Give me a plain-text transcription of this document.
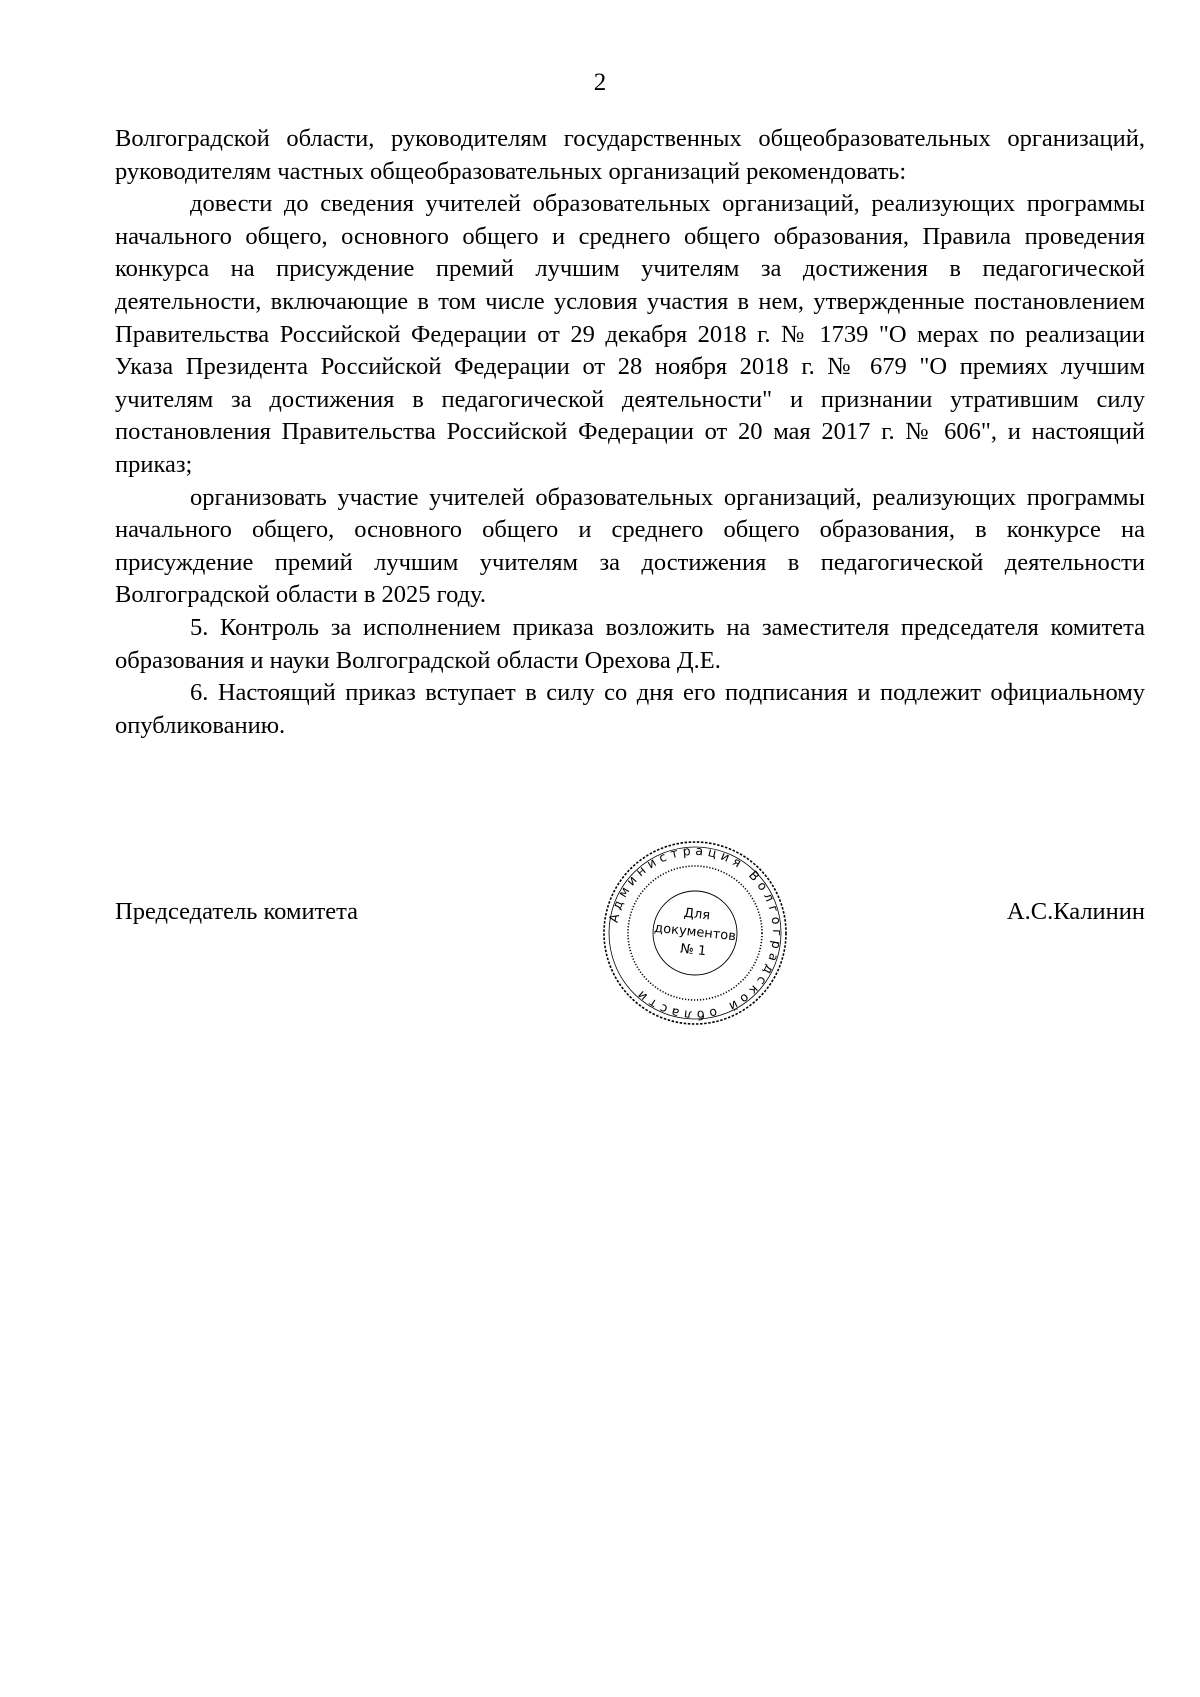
2

Волгоградской области, руководителям государственных общеобразовательных организаций, руководителям частных общеобразовательных организаций рекомендовать:

довести до сведения учителей образовательных организаций, реализующих программы начального общего, основного общего и среднего общего образования, Правила проведения конкурса на присуждение премий лучшим учителям за достижения в педагогической деятельности, включающие в том числе условия участия в нем, утвержденные постановлением Правительства Российской Федерации от 29 декабря 2018 г. № 1739 "О мерах по реализации Указа Президента Российской Федерации от 28 ноября 2018 г. № 679 "О премиях лучшим учителям за достижения в педагогической деятельности" и признании утратившим силу постановления Правительства Российской Федерации от 20 мая 2017 г. № 606", и настоящий приказ;

организовать участие учителей образовательных организаций, реализующих программы начального общего, основного общего и среднего общего образования, в конкурсе на присуждение премий лучшим учителям за достижения в педагогической деятельности Волгоградской области в 2025 году.

5. Контроль за исполнением приказа возложить на заместителя председателя комитета образования и науки Волгоградской области Орехова Д.Е.

6. Настоящий приказ вступает в силу со дня его подписания и подлежит официальному опубликованию.

Председатель комитета	А.С.Калинин
Администрация Волгоградской области
Для
документов
№ 1
